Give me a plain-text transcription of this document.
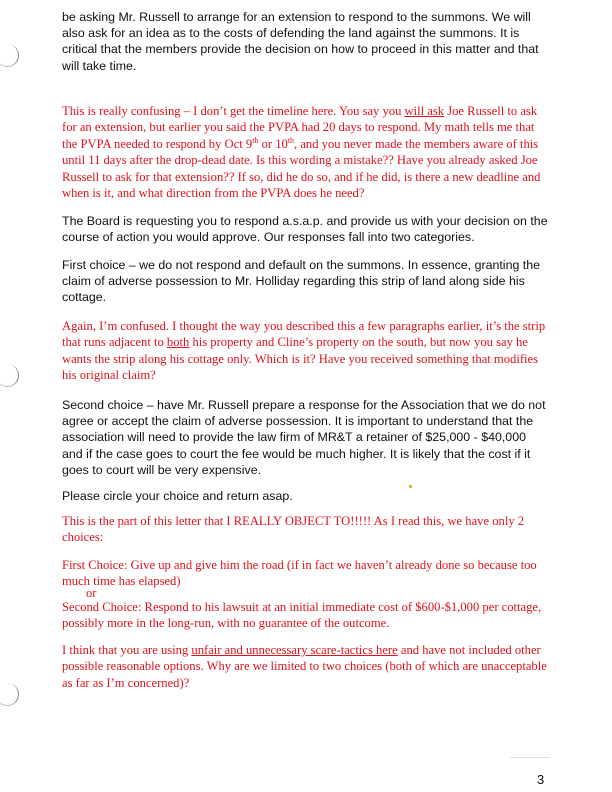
be asking Mr. Russell to arrange for an extension to respond to the summons. We will also ask for an idea as to the costs of defending the land against the summons. It is critical that the members provide the decision on how to proceed in this matter and that will take time.

This is really confusing – I don’t get the timeline here. You say you will ask Joe Russell to ask for an extension, but earlier you said the PVPA had 20 days to respond. My math tells me that the PVPA needed to respond by Oct 9th or 10th, and you never made the members aware of this until 11 days after the drop-dead date. Is this wording a mistake?? Have you already asked Joe Russell to ask for that extension?? If so, did he do so, and if he did, is there a new deadline and when is it, and what direction from the PVPA does he need?

The Board is requesting you to respond a.s.a.p. and provide us with your decision on the course of action you would approve. Our responses fall into two categories.

First choice – we do not respond and default on the summons. In essence, granting the claim of adverse possession to Mr. Holliday regarding this strip of land along side his cottage.

Again, I’m confused. I thought the way you described this a few paragraphs earlier, it’s the strip that runs adjacent to both his property and Cline’s property on the south, but now you say he wants the strip along his cottage only. Which is it? Have you received something that modifies his original claim?

Second choice – have Mr. Russell prepare a response for the Association that we do not agree or accept the claim of adverse possession. It is important to understand that the association will need to provide the law firm of MR&T a retainer of $25,000 - $40,000 and if the case goes to court the fee would be much higher. It is likely that the cost if it goes to court will be very expensive.

Please circle your choice and return asap.

This is the part of this letter that I REALLY OBJECT TO!!!!! As I read this, we have only 2 choices:

First Choice: Give up and give him the road (if in fact we haven’t already done so because too much time has elapsed)

or

Second Choice: Respond to his lawsuit at an initial immediate cost of $600-$1,000 per cottage, possibly more in the long-run, with no guarantee of the outcome.

I think that you are using unfair and unnecessary scare-tactics here and have not included other possible reasonable options. Why are we limited to two choices (both of which are unacceptable as far as I’m concerned)?

3
